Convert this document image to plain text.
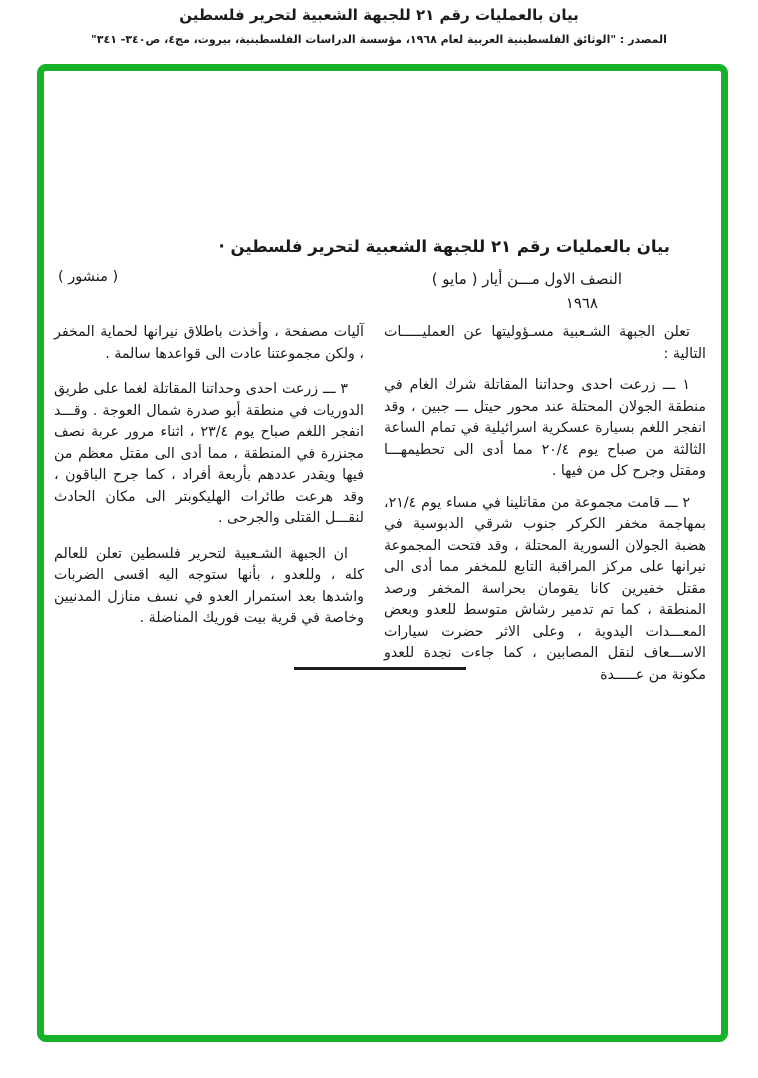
بيان بالعمليات رقم ٢١ للجبهة الشعبية لتحرير فلسطين
المصدر : "الوثائق الفلسطينية العربية لعام ١٩٦٨، مؤسسة الدراسات الفلسطينية، بيروت، مج٤، ص٣٤٠- ٣٤١"
بيان بالعمليات رقم ٢١ للجبهة الشعبية لتحرير فلسطين ·
النصف الاول مـــن أيار ( مايو )
١٩٦٨
( منشور )

تعلن الجبهة الشـعبية مسـؤوليتها عن العمليـــــات التالية :

١ ـــ زرعت احدى وحداتنا المقاتلة شرك الغام في منطقة الجولان المحتلة عند محور حيتل ـــ جبين ، وقد انفجر اللغم بسيارة عسكرية اسرائيلية في تمام الساعة الثالثة من صباح يوم ٢٠/٤ مما أدى الى تحطيمهـــا ومقتل وجرح كل من فيها .

٢ ـــ قامت مجموعة من مقاتلينا في مساء يوم ٢١/٤، بمهاجمة مخفر الكركر جنوب شرقي الدبوسية في هضبة الجولان السورية المحتلة ، وقد فتحت المجموعة نيرانها على مركز المراقبة التابع للمخفر مما أدى الى مقتل خفيرين كانا يقومان بحراسة المخفر ورصد المنطقة ، كما تم تدمير رشاش متوسط للعدو وبعض المعـــدات اليدوية ، وعلى الاثر حضرت سيارات الاســـعاف لنقل المصابين ، كما جاءت نجدة للعدو مكونة من عـــــدة

آليات مصفحة ، وأخذت باطلاق نيرانها لحماية المخفر ، ولكن مجموعتنا عادت الى قواعدها سالمة .

٣ ـــ زرعت احدى وحداتنا المقاتلة لغما على طريق الدوريات في منطقة أبو صدرة شمال العوجة . وقـــد انفجر اللغم صباح يوم ٢٣/٤ ، اثناء مرور عربة نصف مجنزرة في المنطقة ، مما أدى الى مقتل معظم من فيها ويقدر عددهم بأربعة أفراد ، كما جرح الباقون ، وقد هرعت طائرات الهليكوبتر الى مكان الحادث لنقـــل القتلى والجرحى .

ان الجبهة الشـعبية لتحرير فلسطين تعلن للعالم كله ، وللعدو ، بأنها ستوجه اليه اقسى الضربات واشدها بعد استمرار العدو في نسف منازل المدنيين وخاصة في قرية بيت فوريك المناضلة .
